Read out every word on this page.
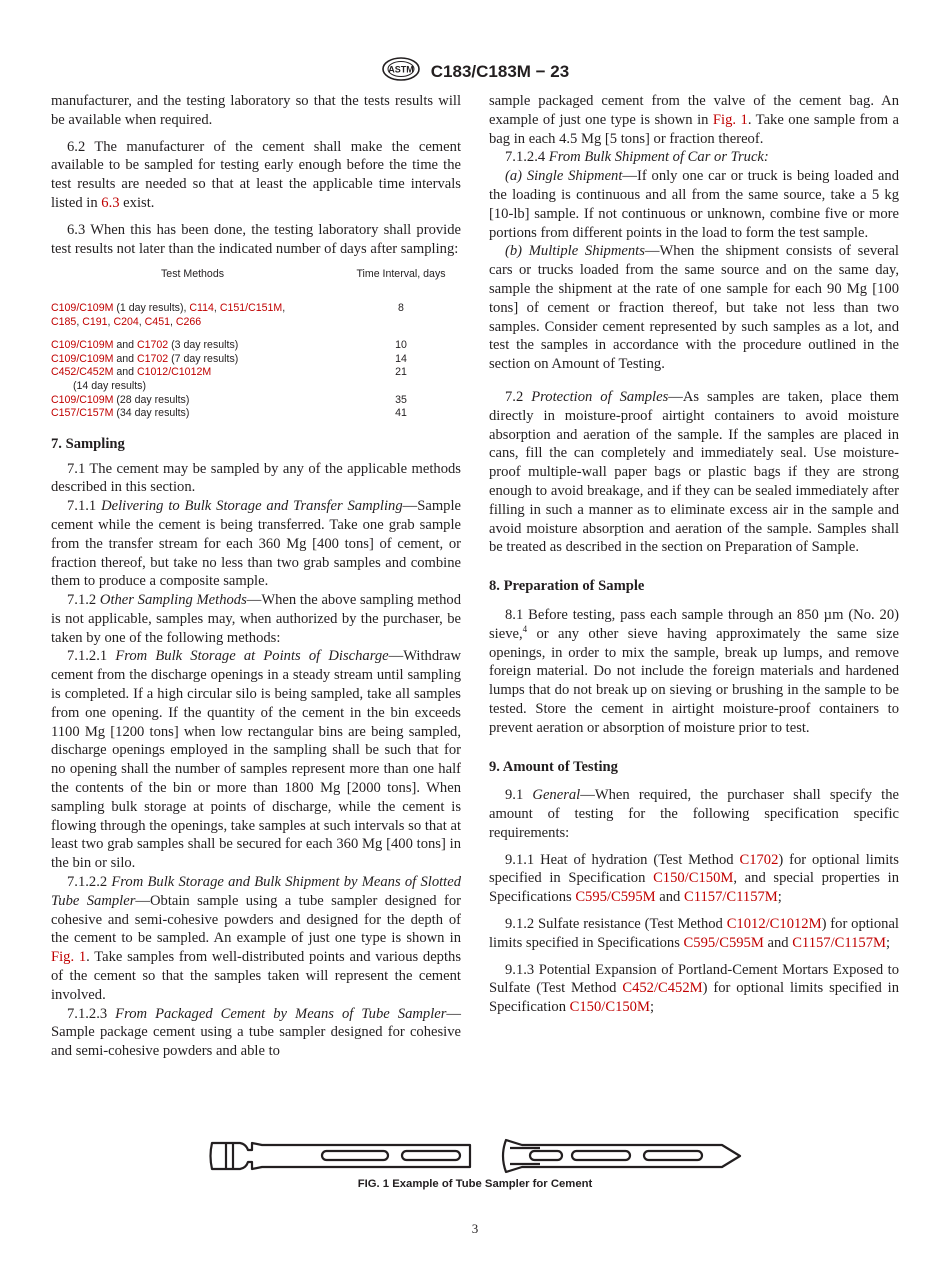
ASTM C183/C183M − 23

manufacturer, and the testing laboratory so that the tests results will be available when required.

6.2 The manufacturer of the cement shall make the cement available to be sampled for testing early enough before the time the test results are needed so that at least the applicable time intervals listed in 6.3 exist.

6.3 When this has been done, the testing laboratory shall provide test results not later than the indicated number of days after sampling:

Test Methods	Time Interval, days
C109/C109M (1 day results), C114, C151/C151M,
C185, C191, C204, C451, C266	8

C109/C109M and C1702 (3 day results)	10
C109/C109M and C1702 (7 day results)	14
C452/C452M and C1012/C1012M	21
(14 day results)	
C109/C109M (28 day results)	35
C157/C157M (34 day results)	41
7. Sampling

7.1 The cement may be sampled by any of the applicable methods described in this section.

7.1.1 Delivering to Bulk Storage and Transfer Sampling—Sample cement while the cement is being transferred. Take one grab sample from the transfer stream for each 360 Mg [400 tons] of cement, or fraction thereof, but take no less than two grab samples and combine them to produce a composite sample.

7.1.2 Other Sampling Methods—When the above sampling method is not applicable, samples may, when authorized by the purchaser, be taken by one of the following methods:

7.1.2.1 From Bulk Storage at Points of Discharge—Withdraw cement from the discharge openings in a steady stream until sampling is completed. If a high circular silo is being sampled, take all samples from one opening. If the quantity of the cement in the bin exceeds 1100 Mg [1200 tons] when low rectangular bins are being sampled, discharge openings employed in the sampling shall be such that for no opening shall the number of samples represent more than one half the contents of the bin or more than 1800 Mg [2000 tons]. When sampling bulk storage at points of discharge, while the cement is flowing through the openings, take samples at such intervals so that at least two grab samples shall be secured for each 360 Mg [400 tons] in the bin or silo.

7.1.2.2 From Bulk Storage and Bulk Shipment by Means of Slotted Tube Sampler—Obtain sample using a tube sampler designed for cohesive and semi-cohesive powders and designed for the depth of the cement to be sampled. An example of just one type is shown in Fig. 1. Take samples from well-distributed points and various depths of the cement so that the samples taken will represent the cement involved.

7.1.2.3 From Packaged Cement by Means of Tube Sampler—Sample package cement using a tube sampler designed for cohesive and semi-cohesive powders and able to

sample packaged cement from the valve of the cement bag. An example of just one type is shown in Fig. 1. Take one sample from a bag in each 4.5 Mg [5 tons] or fraction thereof.

7.1.2.4 From Bulk Shipment of Car or Truck:

(a) Single Shipment—If only one car or truck is being loaded and the loading is continuous and all from the same source, take a 5 kg [10-lb] sample. If not continuous or unknown, combine five or more portions from different points in the load to form the test sample.

(b) Multiple Shipments—When the shipment consists of several cars or trucks loaded from the same source and on the same day, sample the shipment at the rate of one sample for each 90 Mg [100 tons] of cement or fraction thereof, but take not less than two samples. Consider cement represented by such samples as a lot, and test the samples in accordance with the procedure outlined in the section on Amount of Testing.

7.2 Protection of Samples—As samples are taken, place them directly in moisture-proof airtight containers to avoid moisture absorption and aeration of the sample. If the samples are placed in cans, fill the can completely and immediately seal. Use moisture-proof multiple-wall paper bags or plastic bags if they are strong enough to avoid breakage, and if they can be sealed immediately after filling in such a manner as to eliminate excess air in the sample and avoid moisture absorption and aeration of the sample. Samples shall be treated as described in the section on Preparation of Sample.

8. Preparation of Sample

8.1 Before testing, pass each sample through an 850 µm (No. 20) sieve,$^4$ or any other sieve having approximately the same size openings, in order to mix the sample, break up lumps, and remove foreign material. Do not include the foreign materials and hardened lumps that do not break up on sieving or brushing in the sample to be tested. Store the cement in airtight moisture-proof containers to prevent aeration or absorption of moisture prior to test.

9. Amount of Testing

9.1 General—When required, the purchaser shall specify the amount of testing for the following specification specific requirements:

9.1.1 Heat of hydration (Test Method C1702) for optional limits specified in Specification C150/C150M, and special properties in Specifications C595/C595M and C1157/C1157M;

9.1.2 Sulfate resistance (Test Method C1012/C1012M) for optional limits specified in Specifications C595/C595M and C1157/C1157M;

9.1.3 Potential Expansion of Portland-Cement Mortars Exposed to Sulfate (Test Method C452/C452M) for optional limits specified in Specification C150/C150M;

FIG. 1 Example of Tube Sampler for Cement
3
